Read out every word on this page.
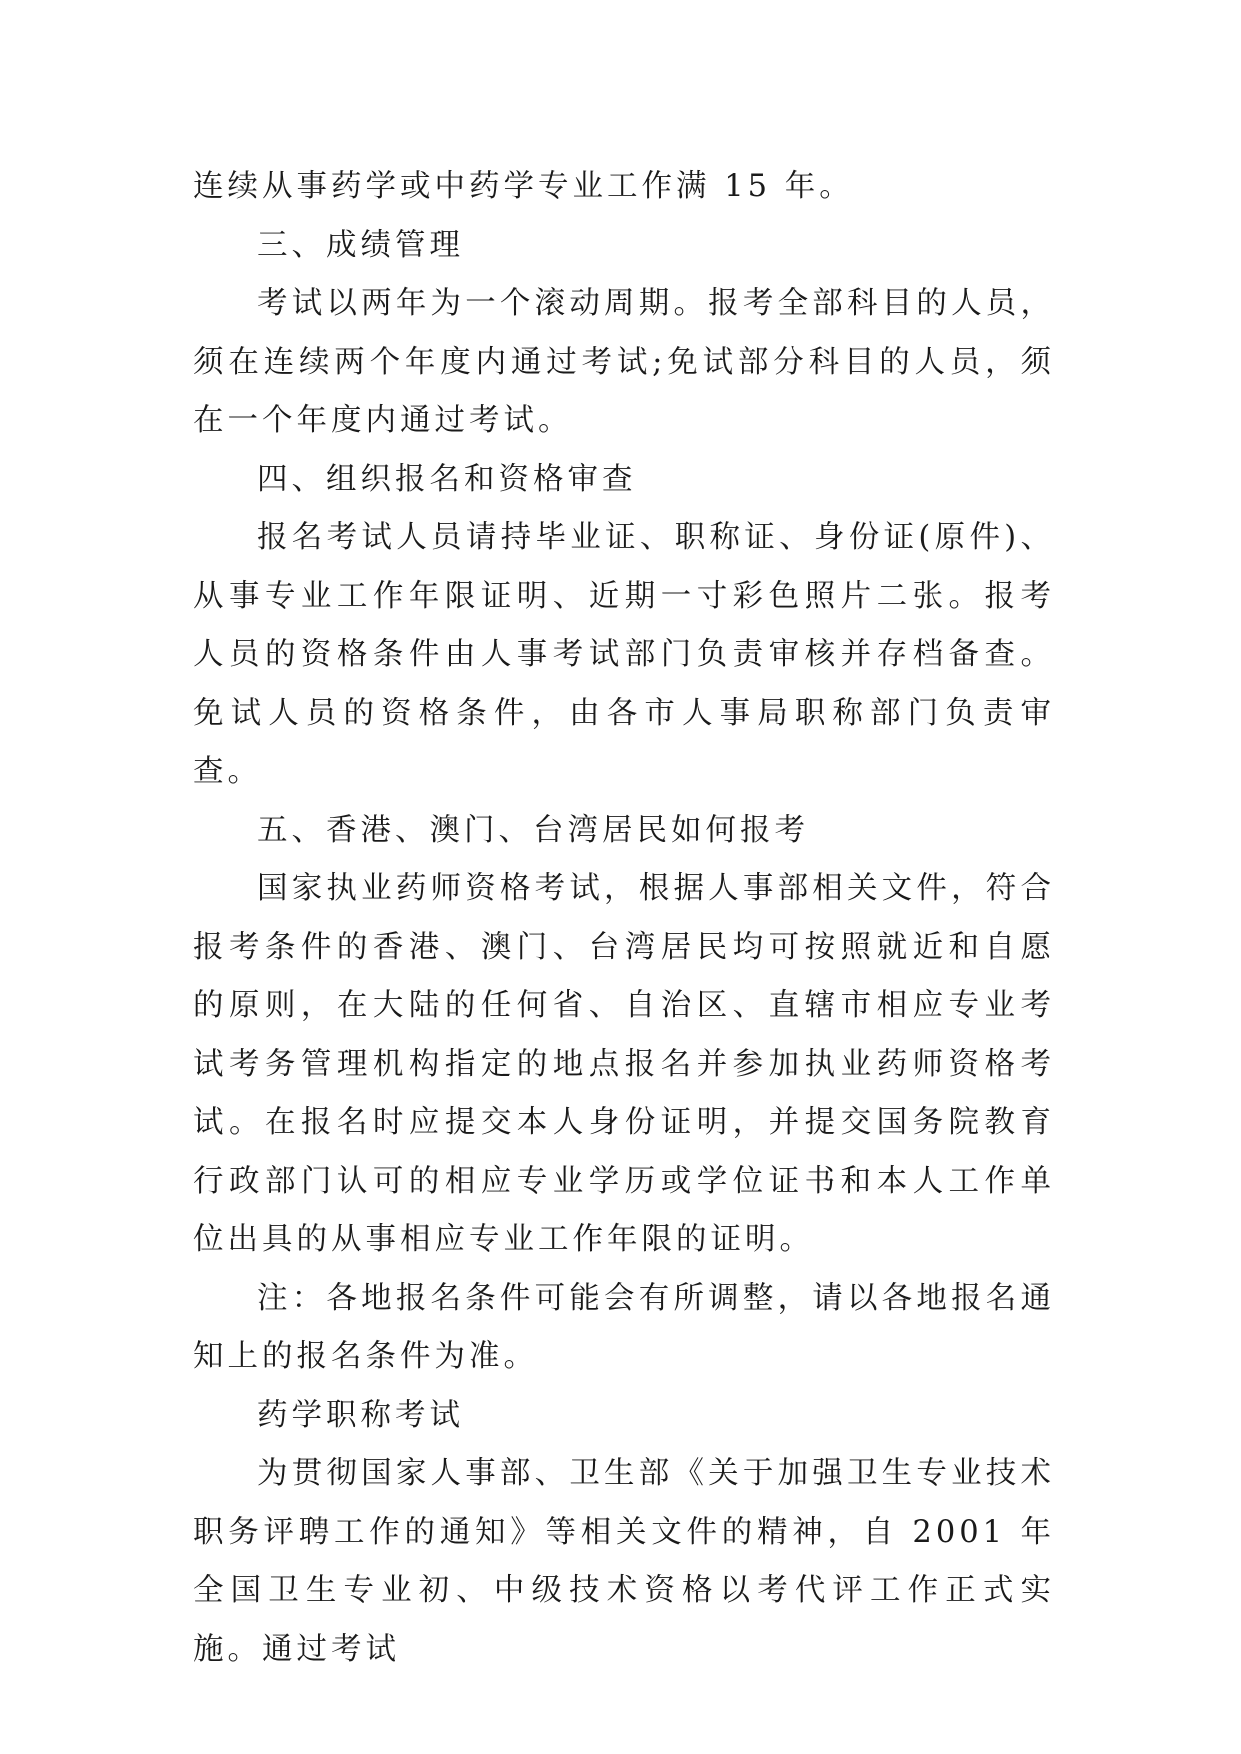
连续从事药学或中药学专业工作满 15 年。

三、成绩管理

考试以两年为一个滚动周期。报考全部科目的人员，须在连续两个年度内通过考试;免试部分科目的人员，须在一个年度内通过考试。

四、组织报名和资格审查

报名考试人员请持毕业证、职称证、身份证(原件)、从事专业工作年限证明、近期一寸彩色照片二张。报考人员的资格条件由人事考试部门负责审核并存档备查。免试人员的资格条件，由各市人事局职称部门负责审查。

五、香港、澳门、台湾居民如何报考

国家执业药师资格考试，根据人事部相关文件，符合报考条件的香港、澳门、台湾居民均可按照就近和自愿的原则，在大陆的任何省、自治区、直辖市相应专业考试考务管理机构指定的地点报名并参加执业药师资格考试。在报名时应提交本人身份证明，并提交国务院教育行政部门认可的相应专业学历或学位证书和本人工作单位出具的从事相应专业工作年限的证明。

注：各地报名条件可能会有所调整，请以各地报名通知上的报名条件为准。

药学职称考试

为贯彻国家人事部、卫生部《关于加强卫生专业技术职务评聘工作的通知》等相关文件的精神，自 2001 年全国卫生专业初、中级技术资格以考代评工作正式实施。通过考试
